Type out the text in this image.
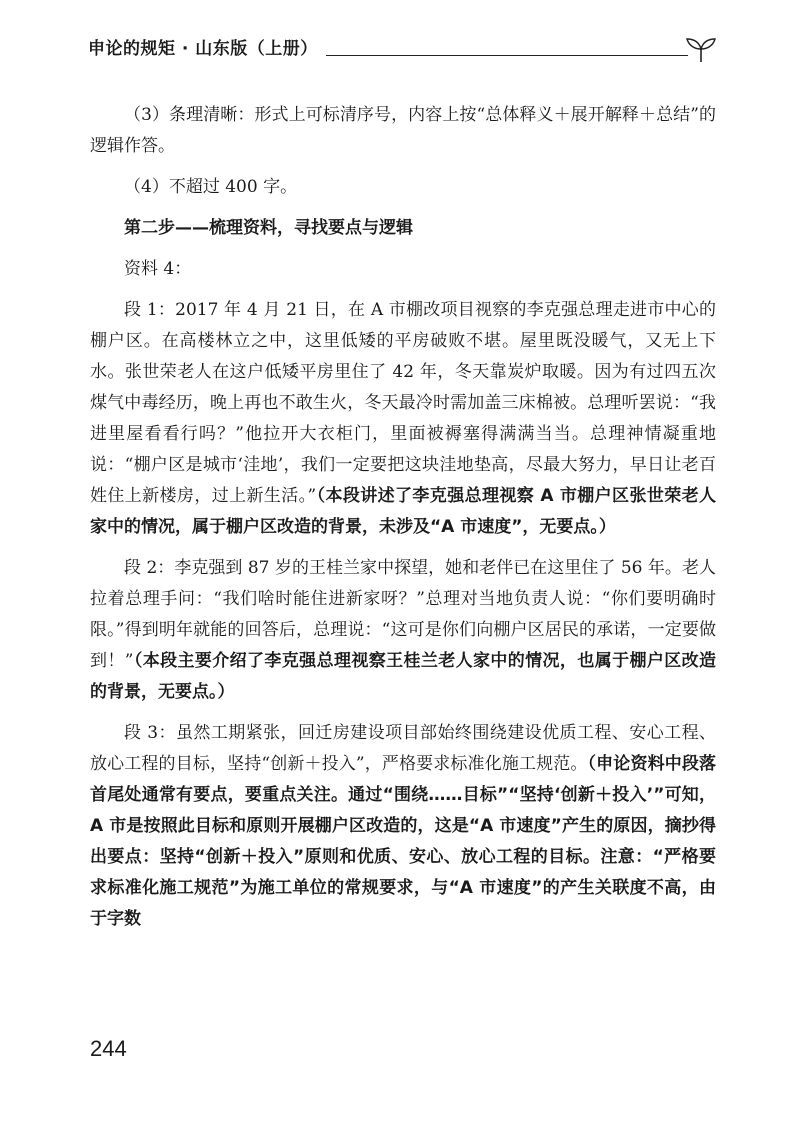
申论的规矩 · 山东版（上册）

（3）条理清晰：形式上可标清序号，内容上按“总体释义＋展开解释＋总结”的逻辑作答。

（4）不超过 400 字。

第二步——梳理资料，寻找要点与逻辑

资料 4：

段 1：2017 年 4 月 21 日，在 A 市棚改项目视察的李克强总理走进市中心的棚户区。在高楼林立之中，这里低矮的平房破败不堪。屋里既没暖气，又无上下水。张世荣老人在这户低矮平房里住了 42 年，冬天靠炭炉取暖。因为有过四五次煤气中毒经历，晚上再也不敢生火，冬天最冷时需加盖三床棉被。总理听罢说：“我进里屋看看行吗？”他拉开大衣柜门，里面被褥塞得满满当当。总理神情凝重地说：“棚户区是城市‘洼地’，我们一定要把这块洼地垫高，尽最大努力，早日让老百姓住上新楼房，过上新生活。”（本段讲述了李克强总理视察 A 市棚户区张世荣老人家中的情况，属于棚户区改造的背景，未涉及“A 市速度”，无要点。）

段 2：李克强到 87 岁的王桂兰家中探望，她和老伴已在这里住了 56 年。老人拉着总理手问：“我们啥时能住进新家呀？”总理对当地负责人说：“你们要明确时限。”得到明年就能的回答后，总理说：“这可是你们向棚户区居民的承诺，一定要做到！”（本段主要介绍了李克强总理视察王桂兰老人家中的情况，也属于棚户区改造的背景，无要点。）

段 3：虽然工期紧张，回迁房建设项目部始终围绕建设优质工程、安心工程、放心工程的目标，坚持“创新＋投入”，严格要求标准化施工规范。（申论资料中段落首尾处通常有要点，要重点关注。通过“围绕……目标”“坚持‘创新＋投入’”可知，A 市是按照此目标和原则开展棚户区改造的，这是“A 市速度”产生的原因，摘抄得出要点：坚持“创新＋投入”原则和优质、安心、放心工程的目标。注意：“严格要求标准化施工规范”为施工单位的常规要求，与“A 市速度”的产生关联度不高，由于字数

244
